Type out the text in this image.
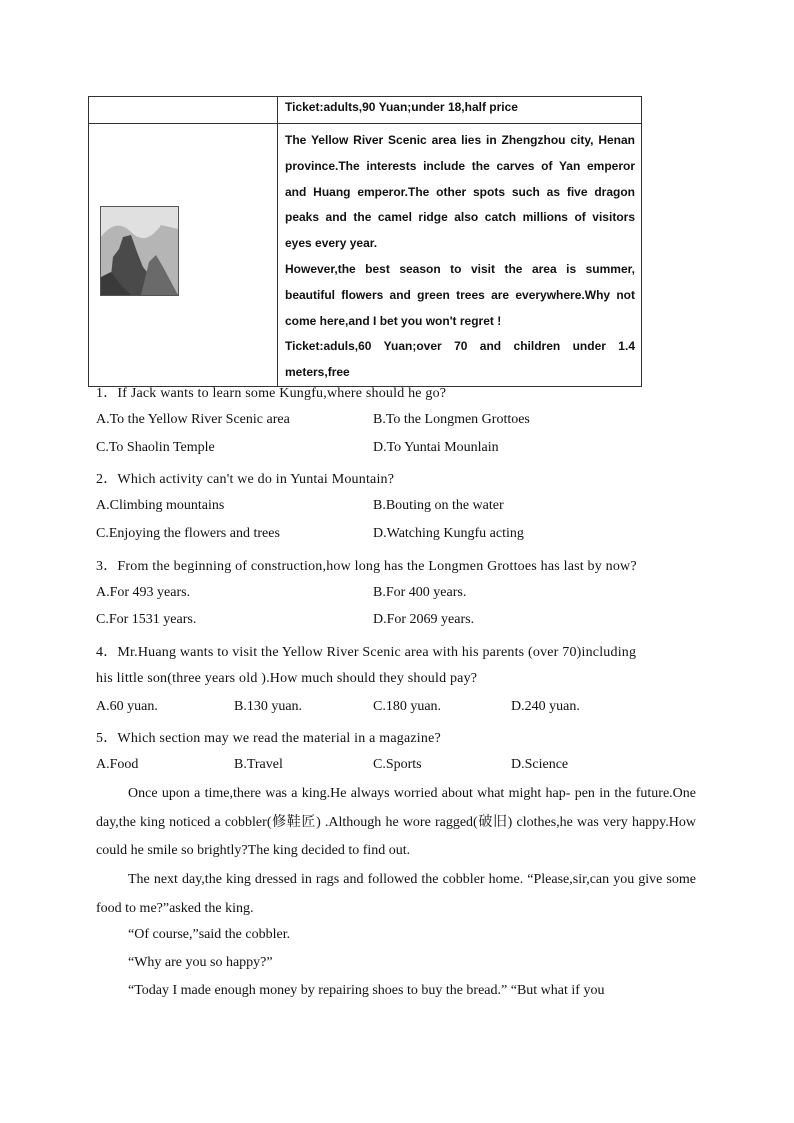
	Ticket:adults,90 Yuan;under 18,half price

The Yellow River Scenic area lies in Zhengzhou city, Henan province.The interests include the carves of Yan emperor and Huang emperor.The other spots such as five dragon peaks and the camel ridge also catch millions of visitors eyes every year.
However,the best season to visit the area is summer, beautiful flowers and green trees are everywhere.Why not come here,and I bet you won't regret !
Ticket:aduls,60 Yuan;over 70 and children under 1.4 meters,free
1．If Jack wants to learn some Kungfu,where should he go?
A.To the Yellow River Scenic area	B.To the Longmen Grottoes
C.To Shaolin Temple	D.To Yuntai Mounlain
2．Which activity can't we do in Yuntai Mountain?
A.Climbing mountains	B.Bouting on the water
C.Enjoying the flowers and trees	D.Watching Kungfu acting
3．From the beginning of construction,how long has the Longmen Grottoes has last by now?
A.For 493 years.	B.For 400 years.
C.For 1531 years.	D.For 2069 years.
4．Mr.Huang wants to visit the Yellow River Scenic area with his parents (over 70)including
his little son(three years old ).How much should they should pay?
A.60 yuan.	B.130 yuan.	C.180 yuan.	D.240 yuan.
5．Which section may we read the material in a magazine?
A.Food	B.Travel	C.Sports	D.Science

Once upon a time,there was a king.He always worried about what might hap- pen in the future.One day,the king noticed a cobbler(修鞋匠) .Although he wore ragged(破旧) clothes,he was very happy.How could he smile so brightly?The king decided to find out.

The next day,the king dressed in rags and followed the cobbler home. “Please,sir,can you give some food to me?”asked the king.

“Of course,”said the cobbler.

“Why are you so happy?”

“Today I made enough money by repairing shoes to buy the bread.” “But what if you
